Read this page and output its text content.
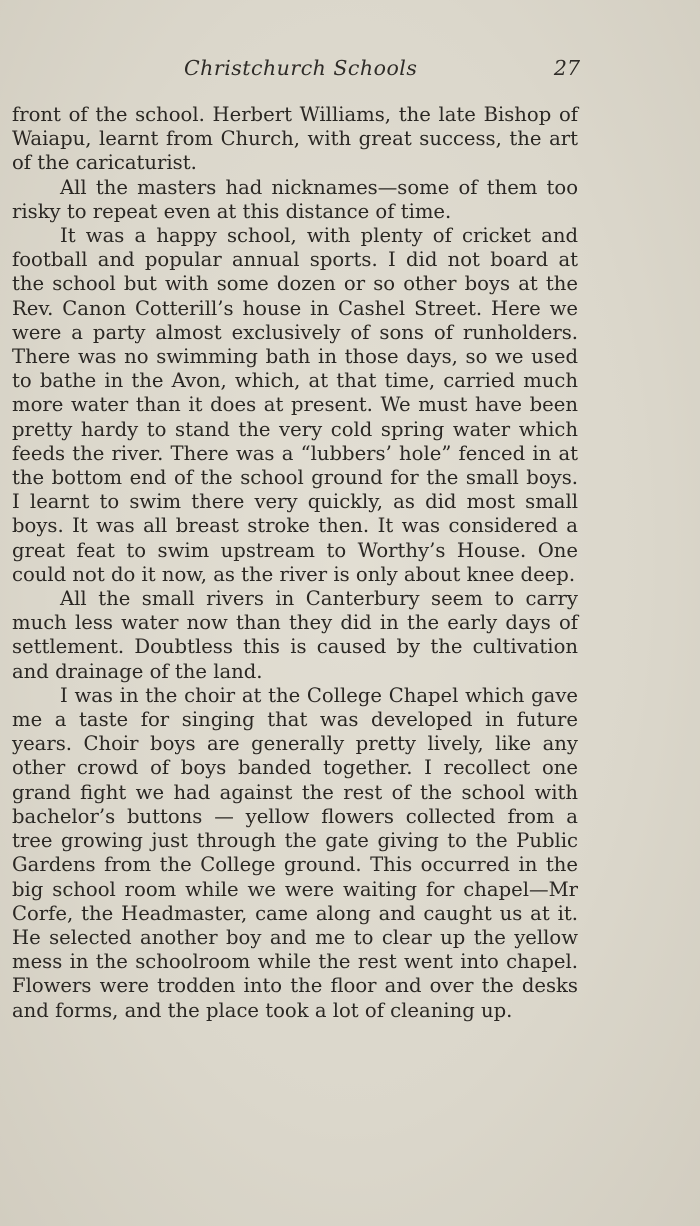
Christchurch Schools	27

front of the school. Herbert Williams, the late Bishop of Waiapu, learnt from Church, with great success, the art of the caricaturist.

All the masters had nicknames—some of them too risky to repeat even at this distance of time.

It was a happy school, with plenty of cricket and football and popular annual sports. I did not board at the school but with some dozen or so other boys at the Rev. Canon Cotterill’s house in Cashel Street. Here we were a party almost exclusively of sons of runholders. There was no swimming bath in those days, so we used to bathe in the Avon, which, at that time, carried much more water than it does at present. We must have been pretty hardy to stand the very cold spring water which feeds the river. There was a “lubbers’ hole” fenced in at the bottom end of the school ground for the small boys. I learnt to swim there very quickly, as did most small boys. It was all breast stroke then. It was considered a great feat to swim upstream to Worthy’s House. One could not do it now, as the river is only about knee deep.

All the small rivers in Canterbury seem to carry much less water now than they did in the early days of settlement. Doubtless this is caused by the cultivation and drainage of the land.

I was in the choir at the College Chapel which gave me a taste for singing that was developed in future years. Choir boys are generally pretty lively, like any other crowd of boys banded together. I recollect one grand fight we had against the rest of the school with bachelor’s buttons — yellow flowers collected from a tree growing just through the gate giving to the Public Gardens from the College ground. This occurred in the big school room while we were waiting for chapel—Mr Corfe, the Headmaster, came along and caught us at it. He selected another boy and me to clear up the yellow mess in the schoolroom while the rest went into chapel. Flowers were trodden into the floor and over the desks and forms, and the place took a lot of cleaning up.
